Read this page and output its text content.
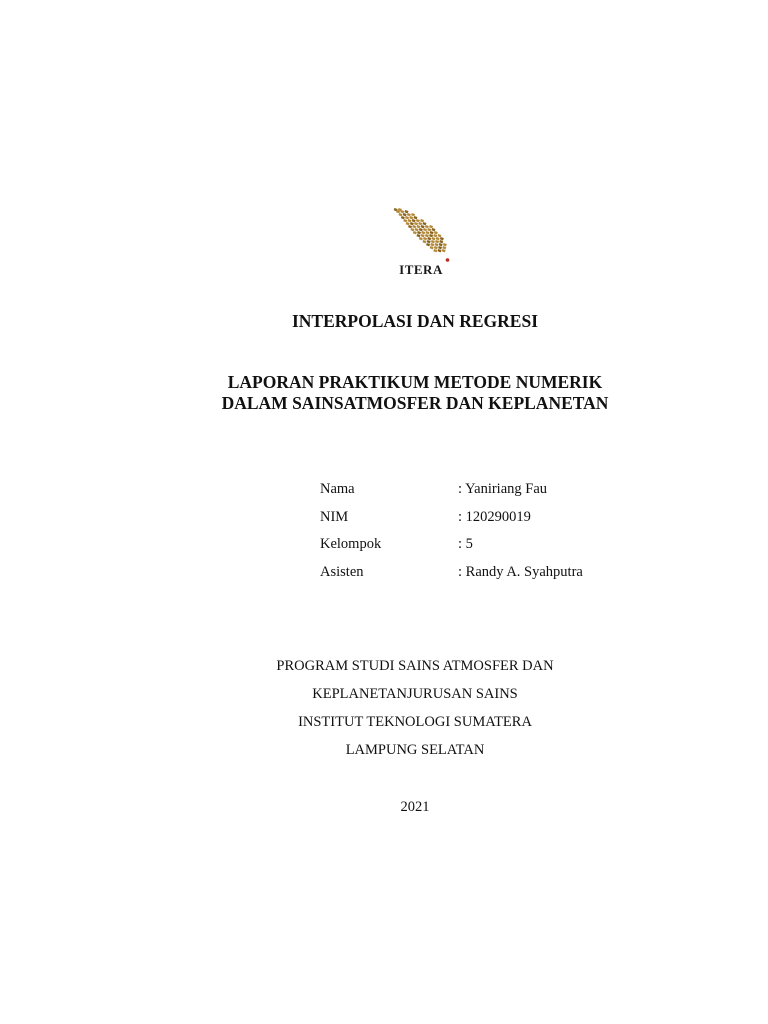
ITERA
INTERPOLASI DAN REGRESI
LAPORAN PRAKTIKUM METODE NUMERIK
DALAM SAINSATMOSFER DAN KEPLANETAN
Nama	: Yaniriang Fau
NIM	: 120290019
Kelompok	: 5
Asisten	: Randy A. Syahputra
PROGRAM STUDI SAINS ATMOSFER DAN
KEPLANETANJURUSAN SAINS
INSTITUT TEKNOLOGI SUMATERA
LAMPUNG SELATAN
2021
